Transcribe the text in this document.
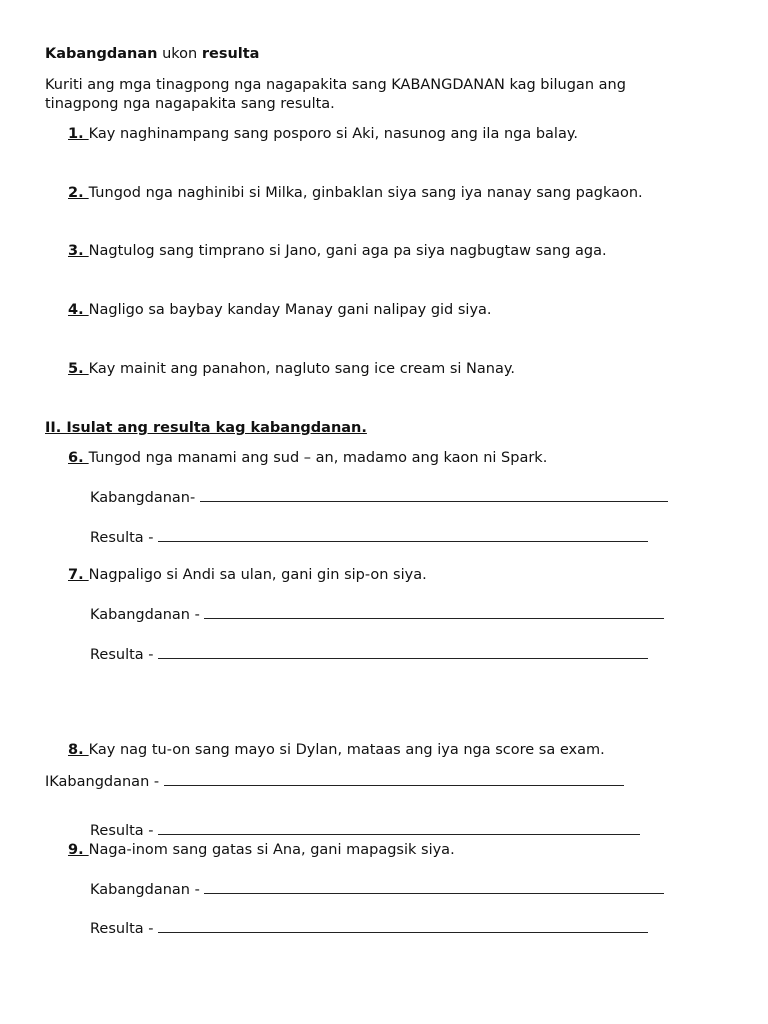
Kabangdanan ukon resulta
Kuriti ang mga tinagpong nga nagapakita sang KABANGDANAN kag bilugan ang
tinagpong nga nagapakita sang resulta.
1. Kay naghinampang sang posporo si Aki, nasunog ang ila nga balay.
2. Tungod nga naghinibi si Milka, ginbaklan siya sang iya nanay sang pagkaon.
3. Nagtulog sang timprano si Jano, gani aga pa siya nagbugtaw sang aga.
4. Nagligo sa baybay kanday Manay gani nalipay gid siya.
5. Kay mainit ang panahon, nagluto sang ice cream si Nanay.
II. Isulat ang resulta kag kabangdanan.
6. Tungod nga manami ang sud – an, madamo ang kaon ni Spark.
Kabangdanan-
Resulta -
7. Nagpaligo si Andi sa ulan, gani gin sip-on siya.
Kabangdanan -
Resulta -
8. Kay nag tu-on sang mayo si Dylan, mataas ang iya nga score sa exam.
IKabangdanan -
Resulta -
9. Naga-inom sang gatas si Ana, gani mapagsik siya.
Kabangdanan -
Resulta -
